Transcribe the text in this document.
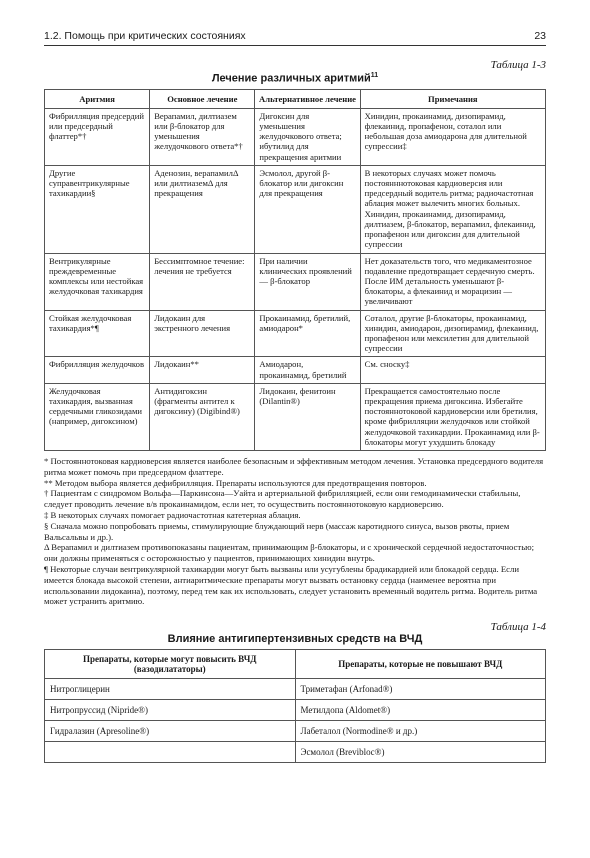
1.2. Помощь при критических состояниях	23
Таблица 1-3
Лечение различных аритмий$^{11}$
Аритмия	Основное лечение	Альтернативное лечение	Примечания
Фибрилляция предсердий или предсердный флаттер*†	Верапамил, дилтиазем или β-блокатор для уменьшения желудочкового ответа*†	Дигоксин для уменьшения желудочкового ответа; ибутилид для прекращения аритмии	Хинидин, прокаинамид, дизопирамид, флекаинид, пропафенон, соталол или небольшая доза амиодарона для длительной супрессии‡
Другие суправентрикулярные тахикардии§	Аденозин, верапамилΔ или дилтиаземΔ для прекращения	Эсмолол, другой β-блокатор или дигоксин для прекращения	В некоторых случаях может помочь постоянннотоковая кардиоверсия или предсердный водитель ритма; радиочастотная аблация может вылечить многих больных. Хинидин, прокаинамид, дизопирамид, дилтиазем, β-блокатор, верапамил, флекаинид, пропафенон или дигоксин для длительной супрессии
Вентрикулярные преждевременные комплексы или нестойкая желудочковая тахикардия	Бессимптомное течение: лечения не требуется	При наличии клинических проявлений — β-блокатор	Нет доказательств того, что медикаментозное подавление предотвращает сердечную смерть. После ИМ детальность уменьшают β-блокаторы, а флекаинид и морацизин — увеличивают
Стойкая желудочковая тахикардия*¶	Лидокаин для экстренного лечения	Прокаинамид, бретилий, амиодарон*	Соталол, другие β-блокаторы, прокаинамид, хинидин, амиодарон, дизопирамид, флекаинид, пропафенон или мексилетин для длительной супрессии
Фибрилляция желудочков	Лидокаин**	Амиодарон, прокаинамид, бретилий	См. сноску‡
Желудочковая тахикардия, вызванная сердечными гликозидами (например, дигоксином)	Антидигоксин (фрагменты антител к дигоксину) (Digibind®)	Лидокаин, фенитоин (Dilantin®)	Прекращается самостоятельно после прекращения приема дигоксина. Избегайте постояннотоковой кардиоверсии или бретилия, кроме фибрилляции желудочков или стойкой желудочковой тахикардии. Прокаинамид или β-блокаторы могут ухудшить блокаду

* Постояннотоковая кардиоверсия является наиболее безопасным и эффективным методом лечения. Установка предсердного водителя ритма может помочь при предсердном флаттере.

** Методом выбора является дефибрилляция. Препараты используются для предотвращения повторов.

† Пациентам с синдромом Вольфа—Паркинсона—Уайта и артериальной фибрилляцией, если они гемодинамически стабильны, следует проводить лечение в/в прокаинамидом, если нет, то осуществить постояннотоковую кардиоверсию.

‡ В некоторых случаях помогает радиочастотная катетерная аблация.

§ Сначала можно попробовать приемы, стимулирующие блуждающий нерв (массаж каротидного синуса, вызов рвоты, прием Вальсальвы и др.).

Δ Верапамил и дилтиазем противопоказаны пациентам, принимающим β-блокаторы, и с хронической сердечной недостаточностью; они должны применяться с осторожностью у пациентов, принимающих хинидин внутрь.

¶ Некоторые случаи вентрикулярной тахикардии могут быть вызваны или усугублены брадикардией или блокадой сердца. Если имеется блокада высокой степени, антиаритмические препараты могут вызвать остановку сердца (наименее вероятна при использовании лидокаина), поэтому, перед тем как их использовать, следует установить временный водитель ритма. Водитель ритма может устранить аритмию.

Таблица 1-4
Влияние антигипертензивных средств на ВЧД
Препараты, которые могут повысить ВЧД (вазодилататоры)	Препараты, которые не повышают ВЧД
Нитроглицерин	Триметафан (Arfonad®)
Нитропруссид (Nipride®)	Метилдопа (Aldomet®)
Гидралазин (Apresoline®)	Лабеталол (Normodine® и др.)
	Эсмолол (Brevibloc®)
